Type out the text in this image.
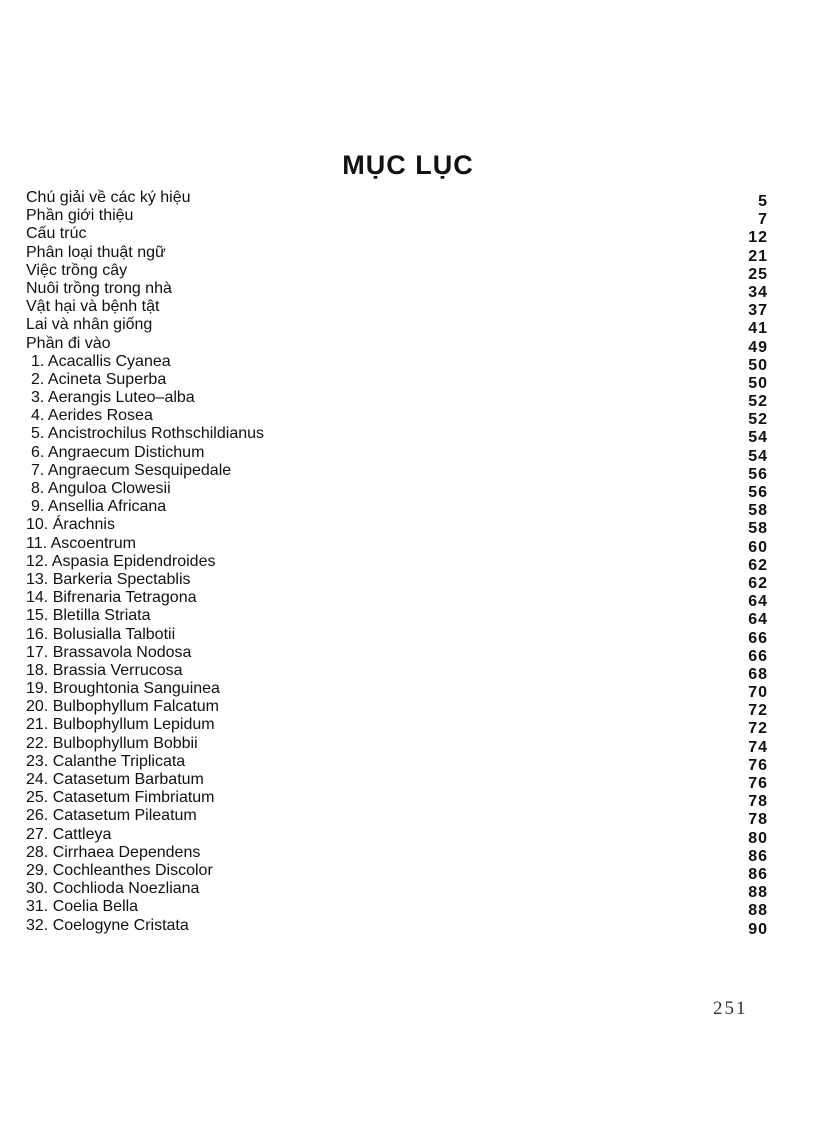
MỤC LỤC
Chú giải về các ký hiệu	5
Phần giới thiệu	7
Cấu trúc	12
Phân loại thuật ngữ	21
Việc trồng cây	25
Nuôi trồng trong nhà	34
Vật hại và bệnh tật	37
Lai và nhân giống	41
Phần đi vào	49
1. Acacallis Cyanea	50
2. Acineta Superba	50
3. Aerangis Luteo–alba	52
4. Aerides Rosea	52
5. Ancistrochilus Rothschildianus	54
6. Angraecum Distichum	54
7. Angraecum Sesquipedale	56
8. Anguloa Clowesii	56
9. Ansellia Africana	58
10. Árachnis	58
11. Ascoentrum	60
12. Aspasia Epidendroides	62
13. Barkeria Spectablis	62
14. Bifrenaria Tetragona	64
15. Bletilla Striata	64
16. Bolusialla Talbotii	66
17. Brassavola Nodosa	66
18. Brassia Verrucosa	68
19. Broughtonia Sanguinea	70
20. Bulbophyllum Falcatum	72
21. Bulbophyllum Lepidum	72
22. Bulbophyllum Bobbii	74
23. Calanthe Triplicata	76
24. Catasetum Barbatum	76
25. Catasetum Fimbriatum	78
26. Catasetum Pileatum	78
27. Cattleya	80
28. Cirrhaea Dependens	86
29. Cochleanthes Discolor	86
30. Cochlioda Noezliana	88
31. Coelia Bella	88
32. Coelogyne Cristata	90
251
